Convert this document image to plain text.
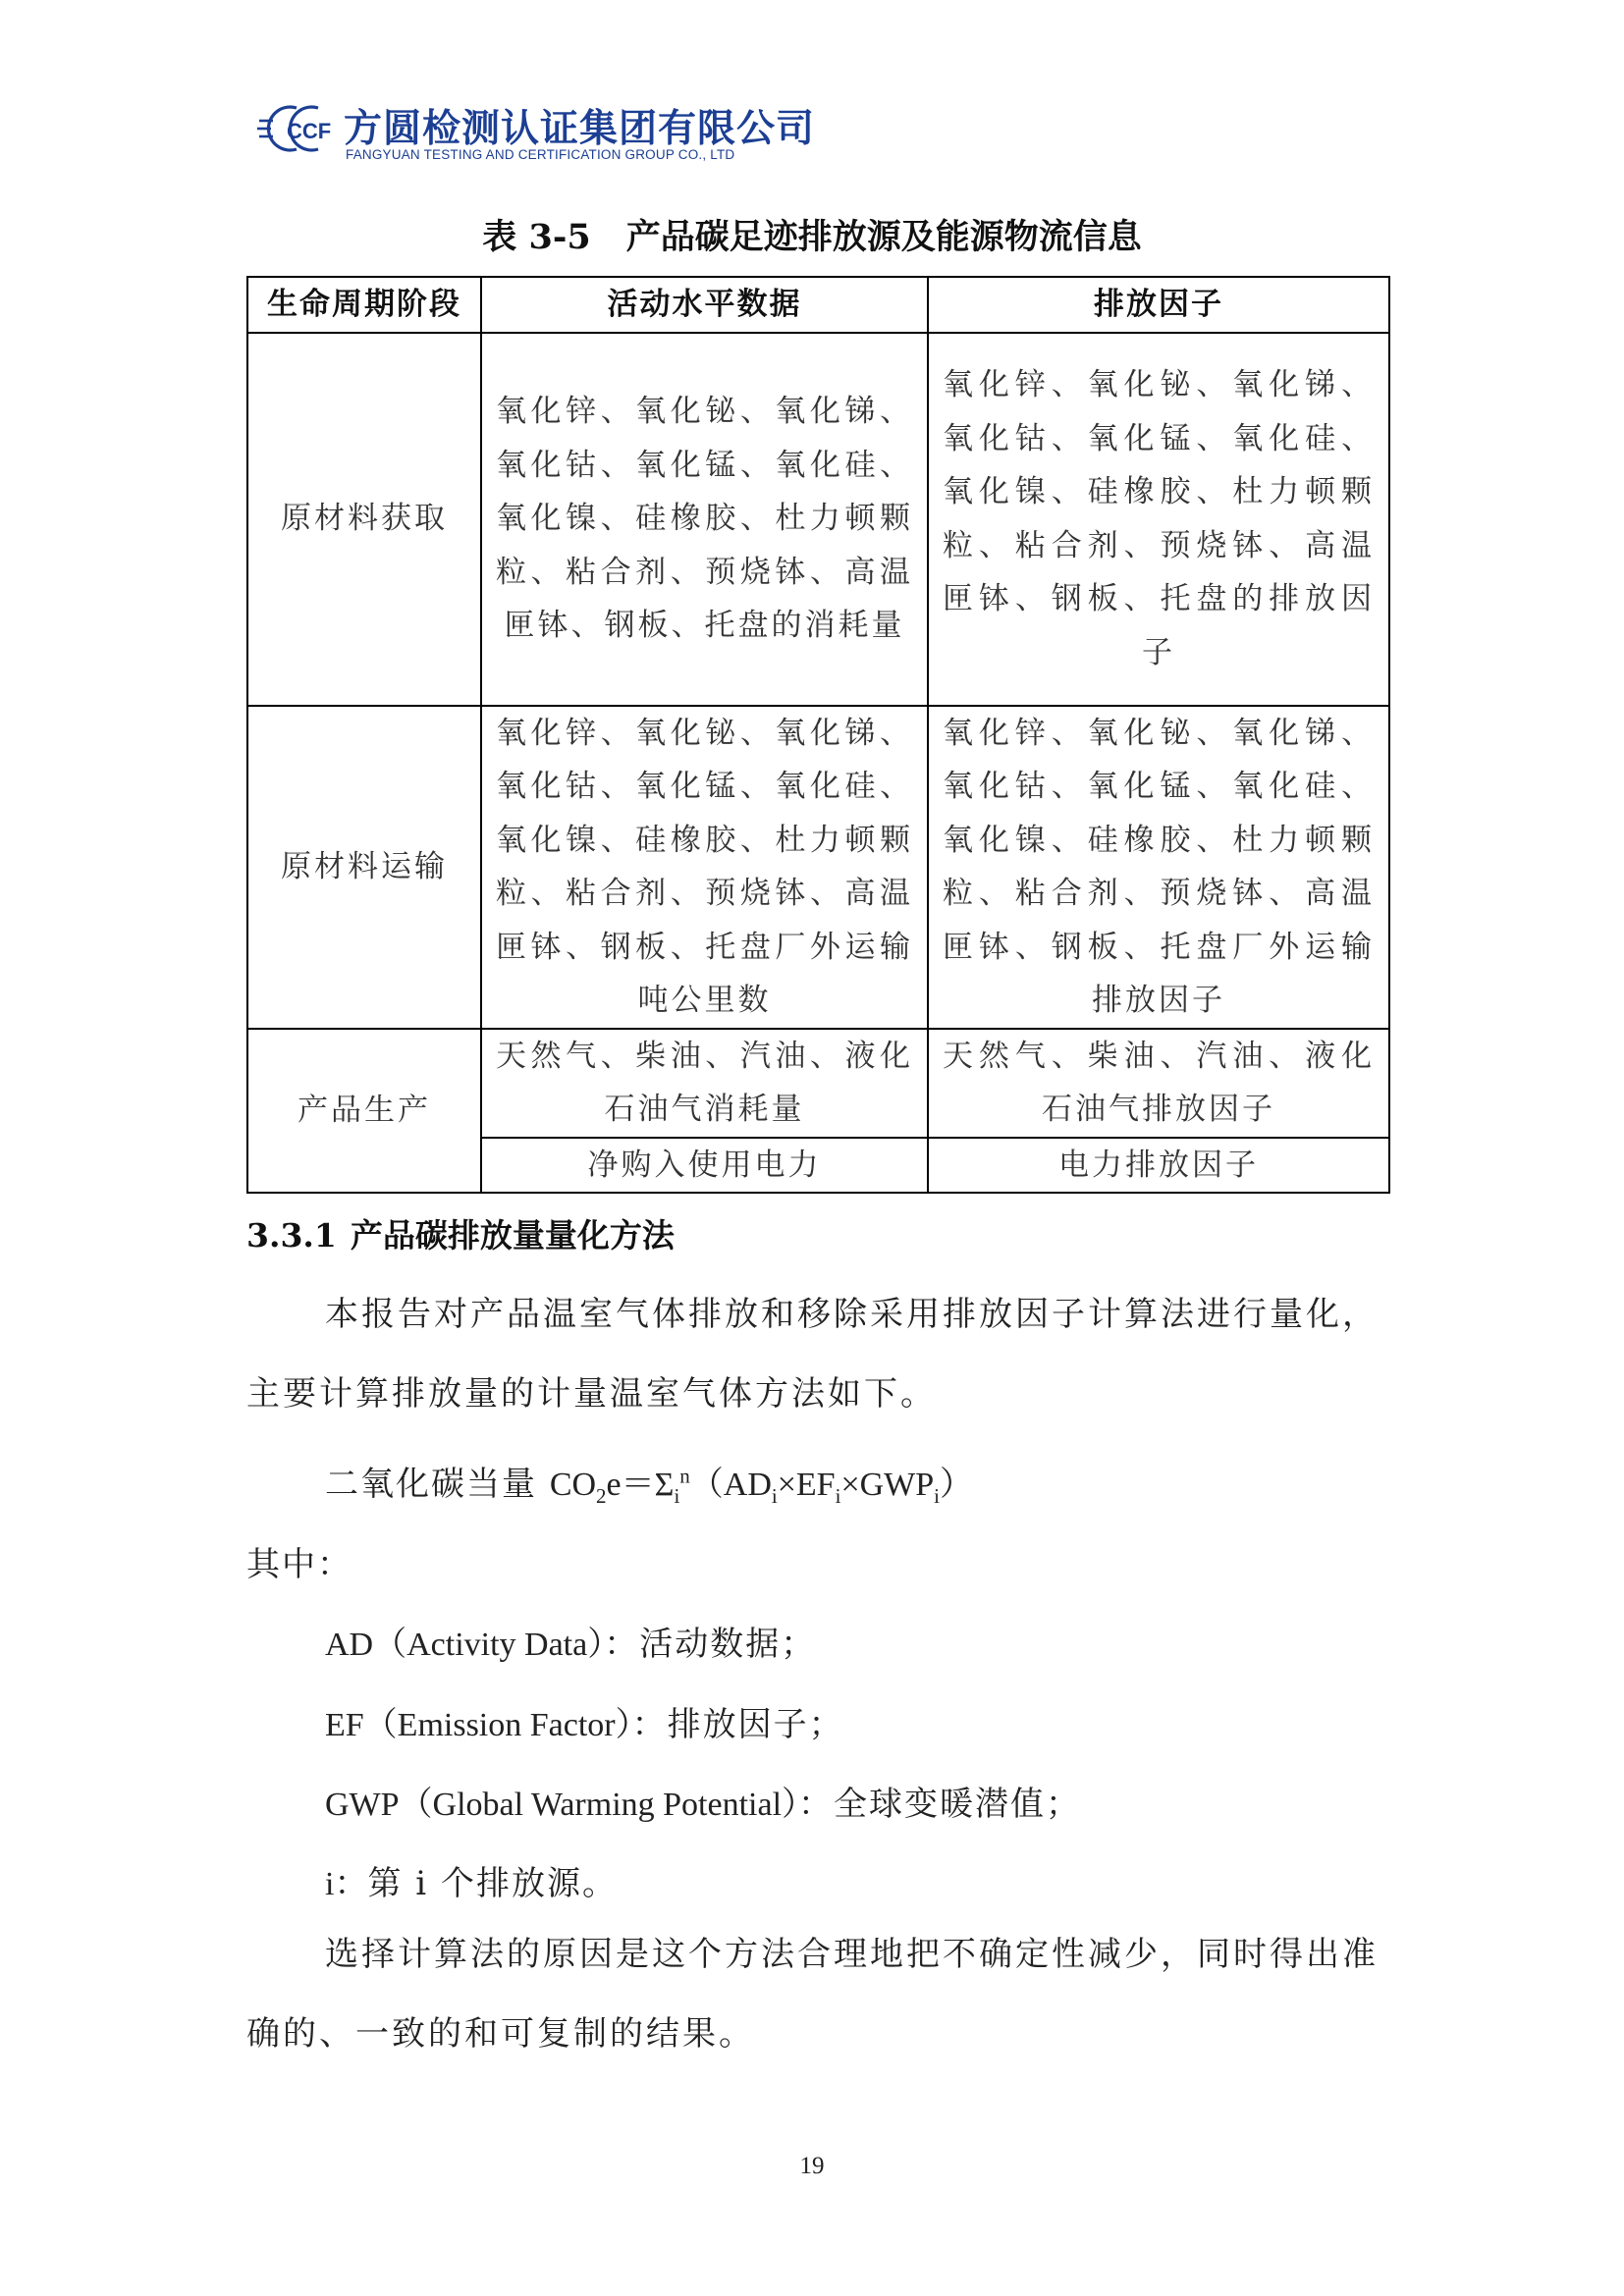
CCF 方圆检测认证集团有限公司
FANGYUAN TESTING AND CERTIFICATION GROUP CO., LTD
表 3-5 产品碳足迹排放源及能源物流信息
生命周期阶段	活动水平数据	排放因子
原材料获取	氧化锌、氧化铋、氧化锑、氧化钴、氧化锰、氧化硅、氧化镍、硅橡胶、杜力顿颗粒、粘合剂、预烧钵、高温匣钵、钢板、托盘的消耗量	氧化锌、氧化铋、氧化锑、氧化钴、氧化锰、氧化硅、氧化镍、硅橡胶、杜力顿颗粒、粘合剂、预烧钵、高温匣钵、钢板、托盘的排放因子
原材料运输	氧化锌、氧化铋、氧化锑、氧化钴、氧化锰、氧化硅、氧化镍、硅橡胶、杜力顿颗粒、粘合剂、预烧钵、高温匣钵、钢板、托盘厂外运输吨公里数	氧化锌、氧化铋、氧化锑、氧化钴、氧化锰、氧化硅、氧化镍、硅橡胶、杜力顿颗粒、粘合剂、预烧钵、高温匣钵、钢板、托盘厂外运输排放因子
产品生产	天然气、柴油、汽油、液化石油气消耗量	天然气、柴油、汽油、液化石油气排放因子
	净购入使用电力	电力排放因子
3.3.1 产品碳排放量量化方法
本报告对产品温室气体排放和移除采用排放因子计算法进行量化，主要计算排放量的计量温室气体方法如下。
二氧化碳当量 $CO_2e=\Sigma_i^n(AD_i\times EF_i\times GWP_i)$
其中：
AD（Activity Data）：活动数据；
EF（Emission Factor）：排放因子；
GWP（Global Warming Potential）：全球变暖潜值；
i：第 i 个排放源。
选择计算法的原因是这个方法合理地把不确定性减少，同时得出准确的、一致的和可复制的结果。
19
